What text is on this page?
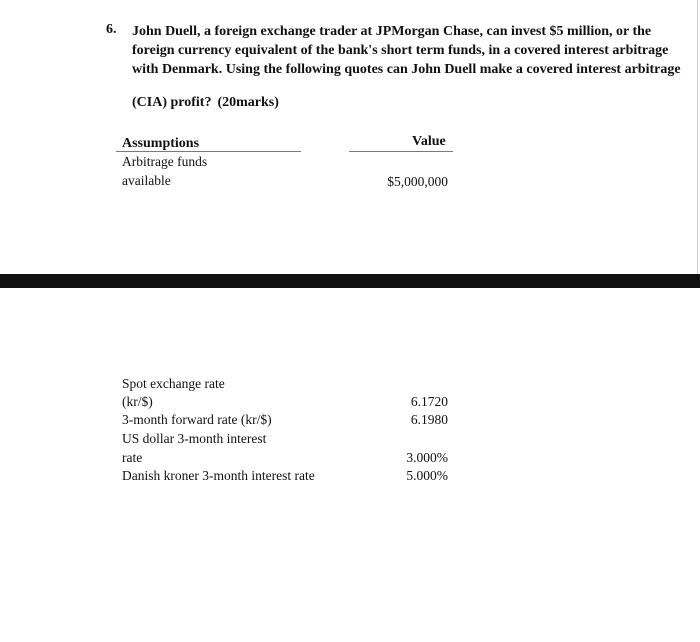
6. John Duell, a foreign exchange trader at JPMorgan Chase, can invest $5 million, or the
foreign currency equivalent of the bank's short term funds, in a covered interest arbitrage
with Denmark. Using the following quotes can John Duell make a covered interest arbitrage
(CIA) profit? (20marks)
Assumptions	Value
Arbitrage funds
available	$5,000,000
Spot exchange rate
(kr/$)	6.1720
3-month forward rate (kr/$)	6.1980
US dollar 3-month interest
rate	3.000%
Danish kroner 3-month interest rate	5.000%
